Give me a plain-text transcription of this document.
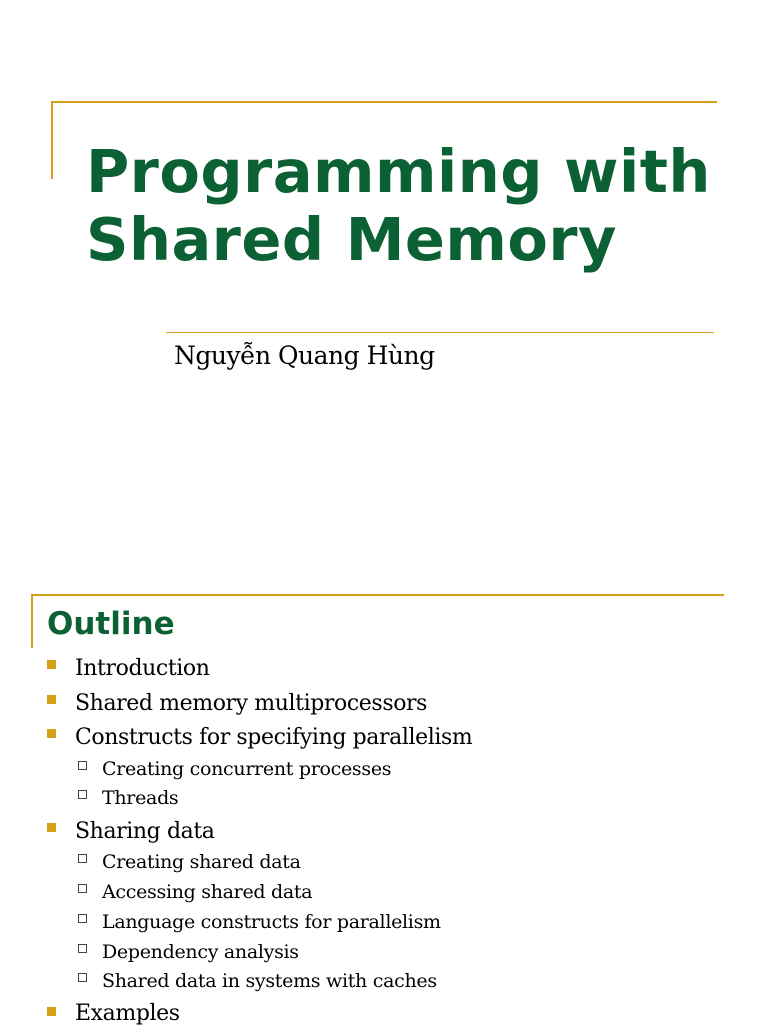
Programming with
Shared Memory
Nguyễn Quang Hùng
Outline
Introduction
Shared memory multiprocessors
Constructs for specifying parallelism
Creating concurrent processes
Threads
Sharing data
Creating shared data
Accessing shared data
Language constructs for parallelism
Dependency analysis
Shared data in systems with caches
Examples
